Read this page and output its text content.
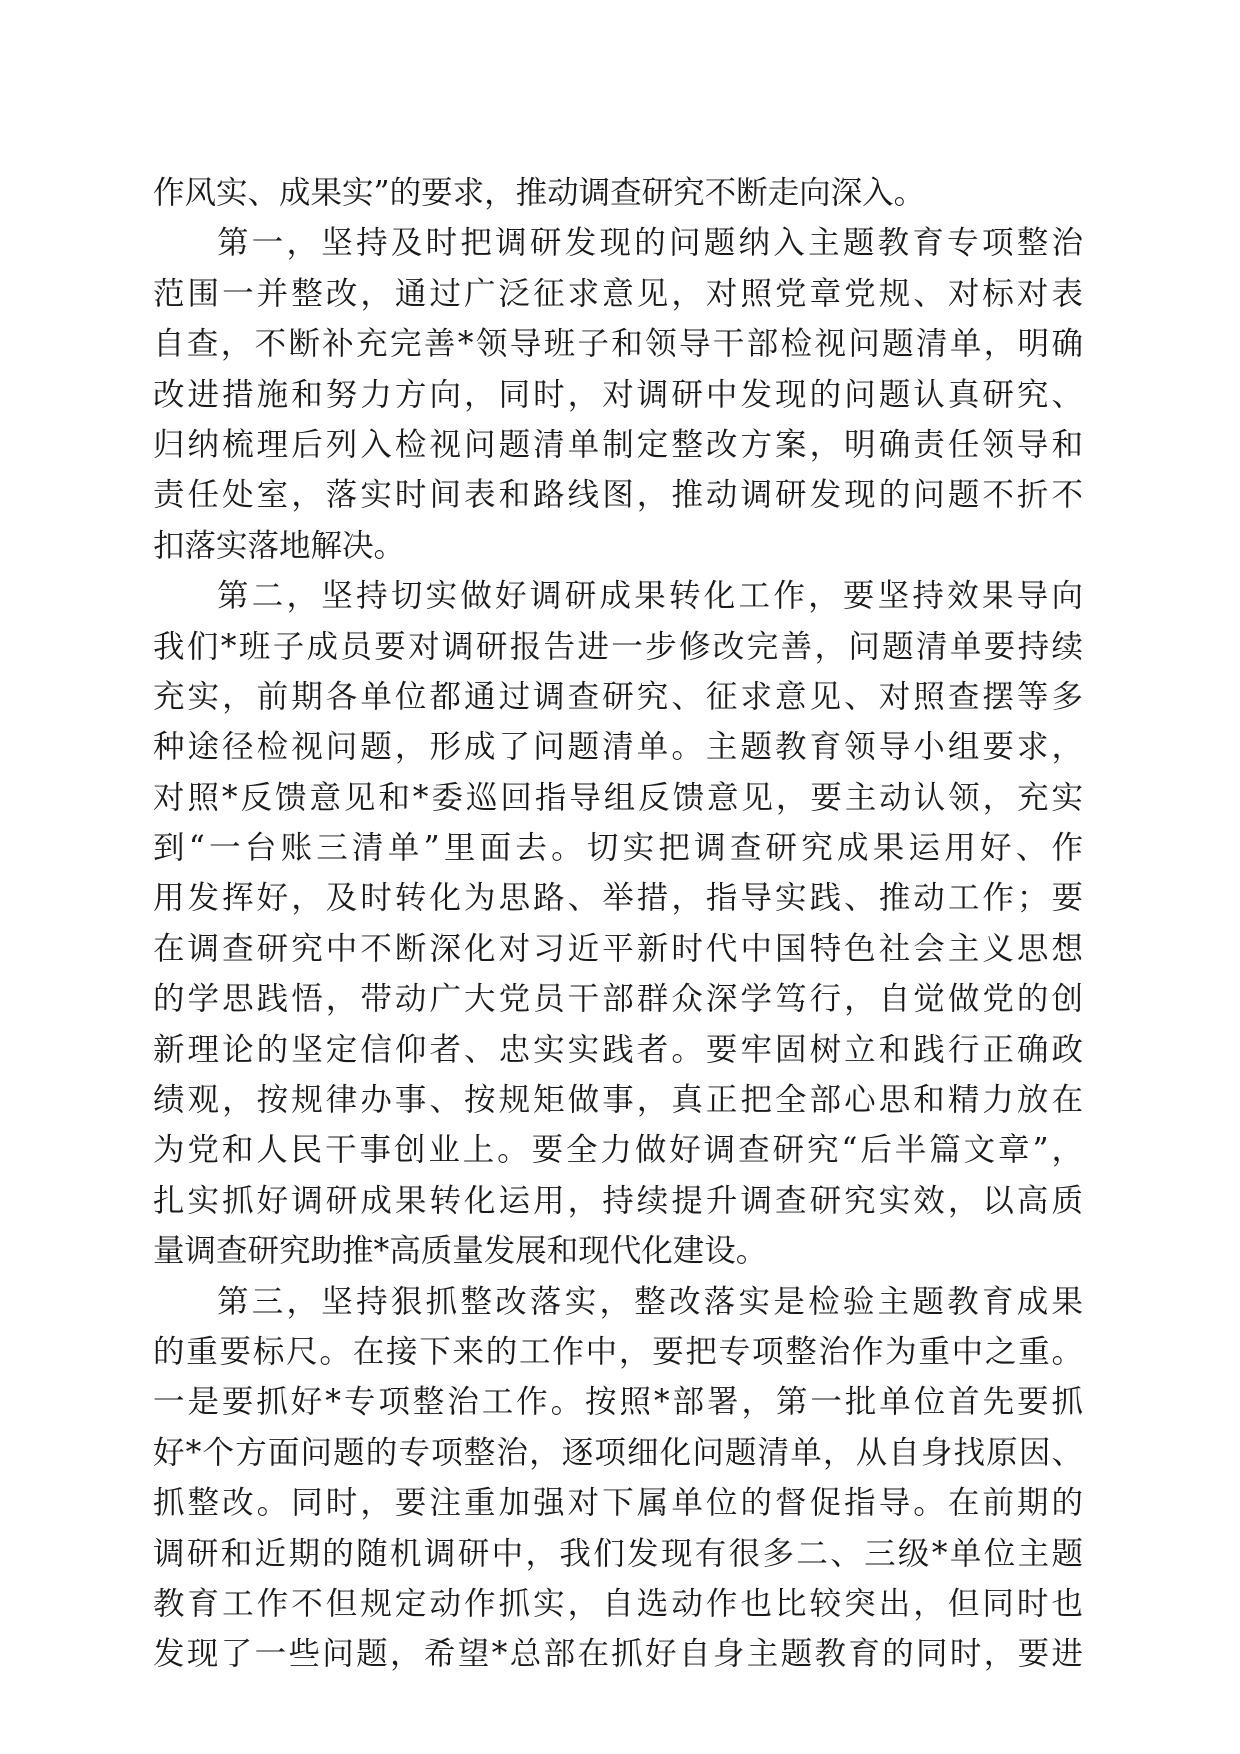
作风实、成果实”的要求，推动调查研究不断走向深入。
第一，坚持及时把调研发现的问题纳入主题教育专项整治
范围一并整改，通过广泛征求意见，对照党章党规、对标对表
自查，不断补充完善*领导班子和领导干部检视问题清单，明确
改进措施和努力方向，同时，对调研中发现的问题认真研究、
归纳梳理后列入检视问题清单制定整改方案，明确责任领导和
责任处室，落实时间表和路线图，推动调研发现的问题不折不
扣落实落地解决。
第二，坚持切实做好调研成果转化工作，要坚持效果导向
我们*班子成员要对调研报告进一步修改完善，问题清单要持续
充实，前期各单位都通过调查研究、征求意见、对照查摆等多
种途径检视问题，形成了问题清单。主题教育领导小组要求，
对照*反馈意见和*委巡回指导组反馈意见，要主动认领，充实
到“一台账三清单”里面去。切实把调查研究成果运用好、作
用发挥好，及时转化为思路、举措，指导实践、推动工作；要
在调查研究中不断深化对习近平新时代中国特色社会主义思想
的学思践悟，带动广大党员干部群众深学笃行，自觉做党的创
新理论的坚定信仰者、忠实实践者。要牢固树立和践行正确政
绩观，按规律办事、按规矩做事，真正把全部心思和精力放在
为党和人民干事创业上。要全力做好调查研究“后半篇文章”，
扎实抓好调研成果转化运用，持续提升调查研究实效，以高质
量调查研究助推*高质量发展和现代化建设。
第三，坚持狠抓整改落实，整改落实是检验主题教育成果
的重要标尺。在接下来的工作中，要把专项整治作为重中之重。
一是要抓好*专项整治工作。按照*部署，第一批单位首先要抓
好*个方面问题的专项整治，逐项细化问题清单，从自身找原因、
抓整改。同时，要注重加强对下属单位的督促指导。在前期的
调研和近期的随机调研中，我们发现有很多二、三级*单位主题
教育工作不但规定动作抓实，自选动作也比较突出，但同时也
发现了一些问题，希望*总部在抓好自身主题教育的同时，要进
